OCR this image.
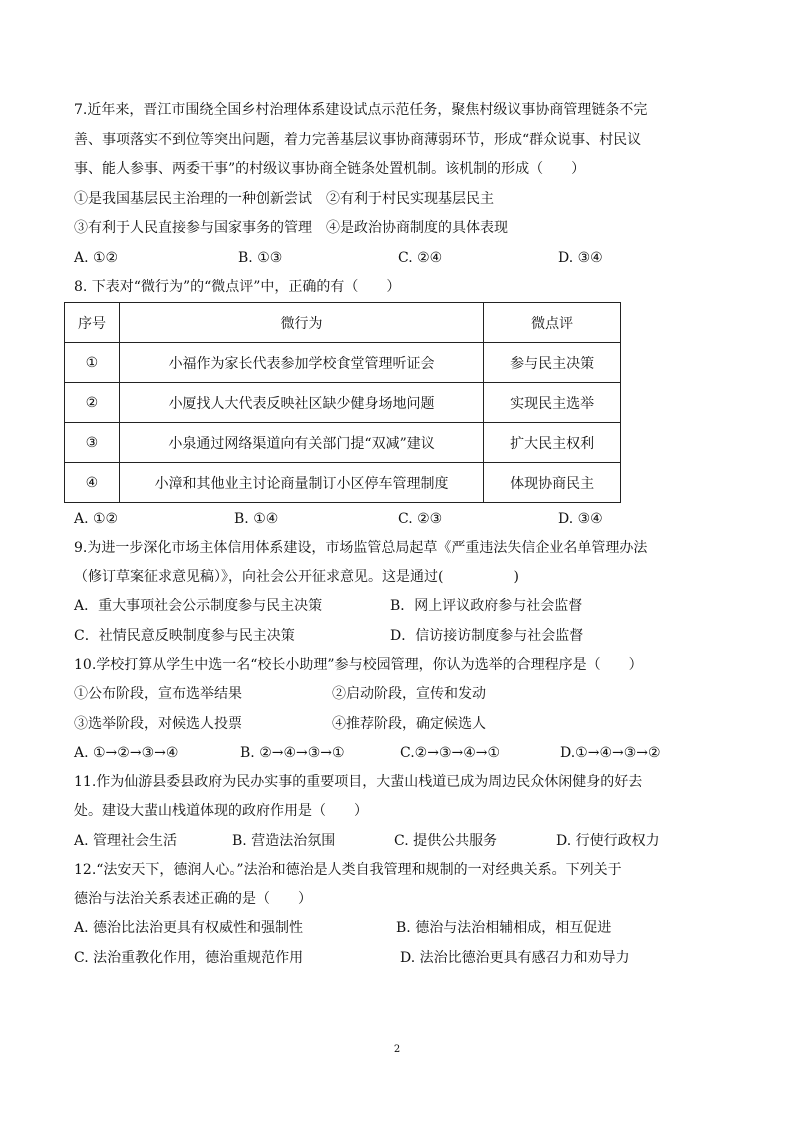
7.近年来，晋江市围绕全国乡村治理体系建设试点示范任务，聚焦村级议事协商管理链条不完
善、事项落实不到位等突出问题，着力完善基层议事协商薄弱环节，形成“群众说事、村民议
事、能人参事、两委干事”的村级议事协商全链条处置机制。该机制的形成（　　）
①是我国基层民主治理的一种创新尝试　②有利于村民实现基层民主
③有利于人民直接参与国家事务的管理　④是政治协商制度的具体表现
A. ①②	B. ①③	C. ②④	D. ③④
8. 下表对“微行为”的“微点评”中，正确的有（　　）
序号	微行为	微点评
①	小福作为家长代表参加学校食堂管理听证会	参与民主决策
②	小厦找人大代表反映社区缺少健身场地问题	实现民主选举
③	小泉通过网络渠道向有关部门提“双减”建议	扩大民主权利
④	小漳和其他业主讨论商量制订小区停车管理制度	体现协商民主
A. ①②	B. ①④	C. ②③	D. ③④
9.为进一步深化市场主体信用体系建设，市场监管总局起草《严重违法失信企业名单管理办法
（修订草案征求意见稿）》，向社会公开征求意见。这是通过(　　　　　)
A．重大事项社会公示制度参与民主决策	B．网上评议政府参与社会监督
C．社情民意反映制度参与民主决策	D．信访接访制度参与社会监督
10.学校打算从学生中选一名“校长小助理”参与校园管理，你认为选举的合理程序是（　　）
①公布阶段，宣布选举结果	②启动阶段，宣传和发动
③选举阶段，对候选人投票	④推荐阶段，确定候选人
A. ①→②→③→④	B. ②→④→③→①	C.②→③→④→①	D.①→④→③→②
11.作为仙游县委县政府为民办实事的重要项目，大蜚山栈道已成为周边民众休闲健身的好去
处。建设大蜚山栈道体现的政府作用是（　　）
A. 管理社会生活	B. 营造法治氛围	C. 提供公共服务	D. 行使行政权力
12.“法安天下，德润人心。”法治和德治是人类自我管理和规制的一对经典关系。下列关于
德治与法治关系表述正确的是（　　）
A. 德治比法治更具有权威性和强制性	B. 德治与法治相辅相成，相互促进
C. 法治重教化作用，德治重规范作用	D. 法治比德治更具有感召力和劝导力
2
